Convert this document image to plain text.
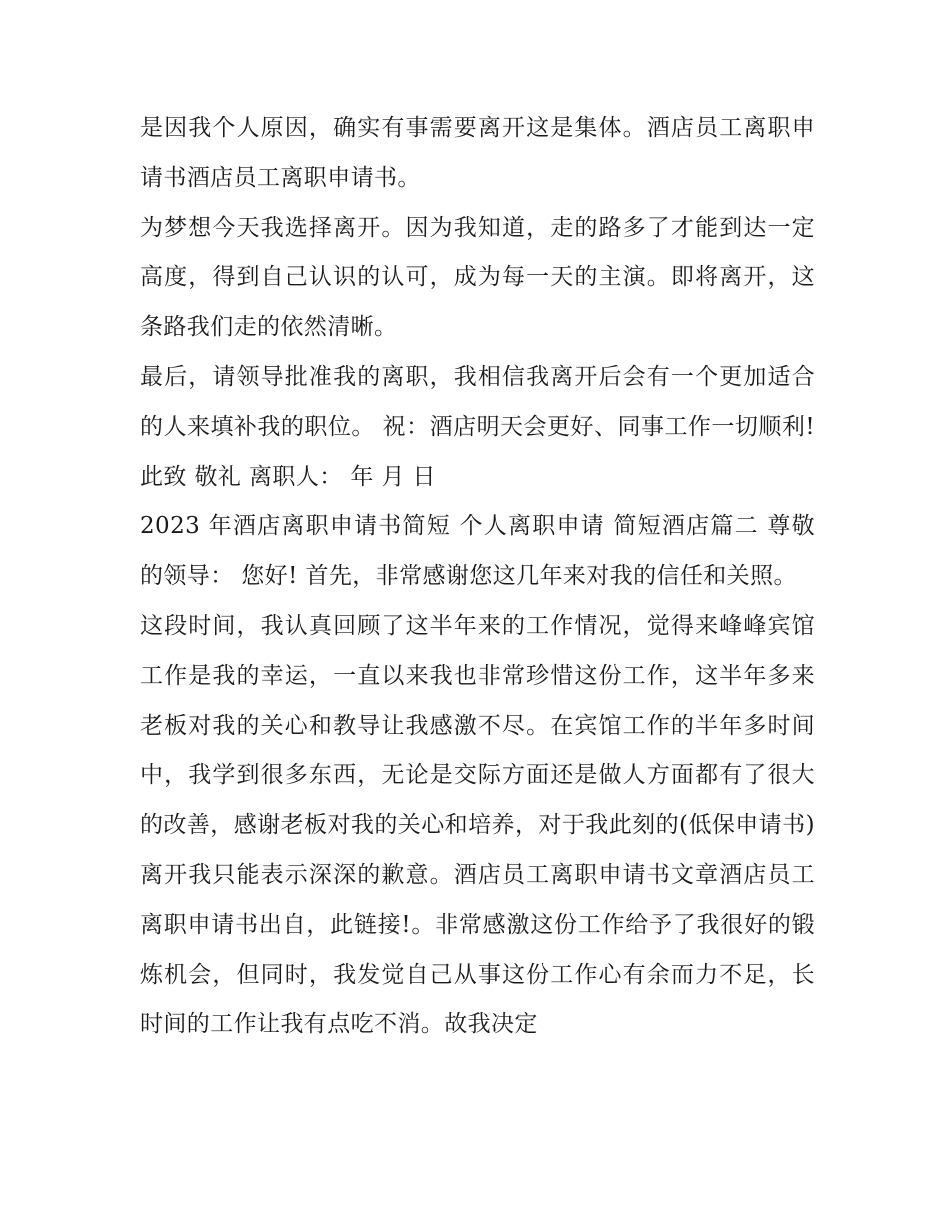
是因我个人原因，确实有事需要离开这是集体。酒店员工离职申请书酒店员工离职申请书。

为梦想今天我选择离开。因为我知道，走的路多了才能到达一定高度，得到自己认识的认可，成为每一天的主演。即将离开，这条路我们走的依然清晰。

最后，请领导批准我的离职，我相信我离开后会有一个更加适合的人来填补我的职位。 祝：酒店明天会更好、同事工作一切顺利! 此致 敬礼 离职人： 年 月 日

2023 年酒店离职申请书简短 个人离职申请 简短酒店篇二 尊敬的领导： 您好! 首先，非常感谢您这几年来对我的信任和关照。

这段时间，我认真回顾了这半年来的工作情况，觉得来峰峰宾馆工作是我的幸运，一直以来我也非常珍惜这份工作，这半年多来老板对我的关心和教导让我感激不尽。在宾馆工作的半年多时间中，我学到很多东西，无论是交际方面还是做人方面都有了很大的改善，感谢老板对我的关心和培养，对于我此刻的(低保申请书)离开我只能表示深深的歉意。酒店员工离职申请书文章酒店员工离职申请书出自，此链接!。非常感激这份工作给予了我很好的锻炼机会，但同时，我发觉自己从事这份工作心有余而力不足，长时间的工作让我有点吃不消。故我决定
